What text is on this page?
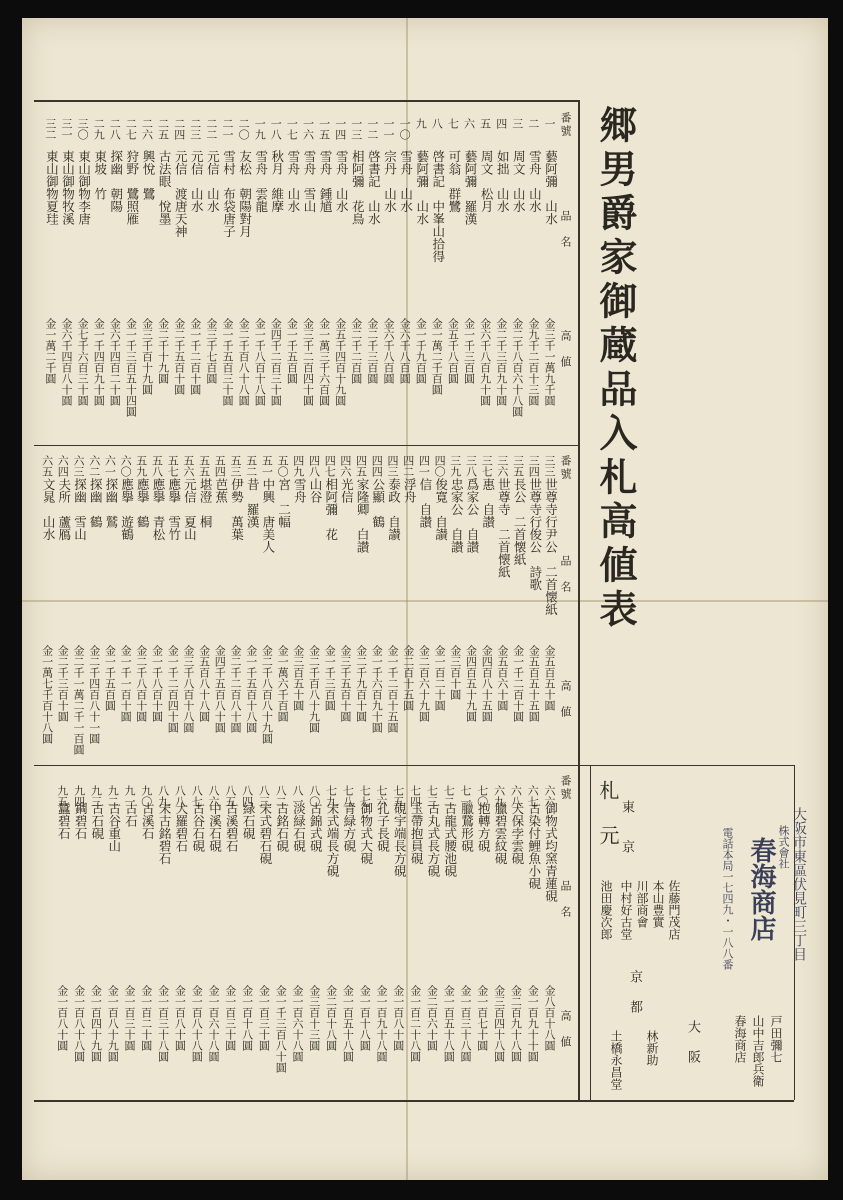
郷男爵家御蔵品入札高値表
番號
品　名
高　値
番號
品　名
高　値
番號
品　名
高　値
一
藝阿彌　山水
金三千一萬九千圓
二
雪舟　山水
金九千二百十三圓
三
周文　山水
金二千八百六十八圓
四
如拙　山水
金二千三百九十圓
五
周文　松月
金六千八百九十圓
六
藝阿彌　羅漢
金一千三百圓
七
可翁　群鷺
金五千八百圓
八
啓書記　中峯山拾得
金一萬二千百圓
九
藝阿彌　山水
金一千九百圓
一〇
雪舟　山水
金六千八百圓
一一
宗丹　山水
金六千八百圓
一二
啓書記　山水
金二千三百圓
一三
相阿彌　花鳥
金二千二百圓
一四
雪舟　山水
金五千四百十九圓
一五
雪舟　鍾馗
金一萬三千六百圓
一六
雪舟　雪山
金三千二百四十圓
一七
雪舟　山水
金一千五百圓
一八
秋月　維摩
金四千二百三十圓
一九
雪舟　雲龍
金一千八百十八圓
二〇
友松　朝陽對月
金二千百八十八圓
二一
雪村　布袋唐子
金一千五百三十圓
二二
元信　山水
金三千七百圓
二三
元信　山水
金一千二百十圓
二四
元信　渡唐天神
金二千五百十圓
二五
古法眼　悅墨
金二千十九圓
二六
興悅　鷺
金三千百十九圓
二七
狩野　鷺照雁
金一千三百五十四圓
二八
探幽　朝陽
金六千四百二十圓
二九
東坡　竹
金一千四百九十圓
三〇
東山御物李唐
金七千六百三十圓
三一
東山御物牧溪
金六千四百八十圓
三二
東山御物夏珪
金一萬二千圓
三三
世尊寺行尹公　二首懐紙
金五百五十圓
三四
世尊寺行俊公　詩歌
金五百五十五圓
三五
長公　二首懐紙
金一千二百十圓
三六
世尊寺　二首懐紙
金五百六十圓
三七
惠　自讃
金四百八十五圓
三八
爲家公　自讃
金四百五十九圓
三九
忠家公　自讃
金三百十圓
四〇
俊寛　自讃
金一百二十圓
四一
信　自讃
金二百六十九圓
四二
浮舟
金二百十五圓
四三
泰政　自讃
金一千二百十五圓
四四
公顯　鶴
金一千六百九十圓
四五
家隆卿　白讃
金二千九百十圓
四六
光信
金三千五百十圓
四七
相阿彌　花
金一千三百圓
四八
山谷
金二千百八十九圓
四九
雪舟
金三百五十圓
五〇
宮　二幅
金一萬六千百圓
五一
中興　唐美人
金二千八百八十九圓
五二
昔　羅漢
金一千五百十八圓
五三
伊勢　萬葉
金二千二百八十圓
五四
芭蕉
金四千五百八十圓
五五
堪澄　桐
金五百八十八圓
五六
元信　夏山
金三千八百十八圓
五七
應擧　雪竹
金一千二百四十圓
五八
應擧　青松
金一千八百十圓
五九
應擧　鶴
金二千八百十圓
六〇
應擧　遊鶴
金一千一百十圓
六一
探幽　鷲
金一千五百圓
六二
探幽　鶴
金二千四百八十一圓
六三
探幽　雪山
金二千一萬二千一百圓
六四
夫所　蘆鴈
金二千三百十圓
六五
文晁　山水
金一萬七千百十八圓
六六
御物式均窯青蓮硯
金八百十八圓
六七
古染付鯉魚小硯
金一百九十十圓
六八
天保孛雲硯
金二百九十八圓
六九
臘碧雲紋硯
金三百四十八圓
七〇
抱轉方硯
金一百七十圓
七一
臘鵞形硯
金一百三十八圓
七二
古龍式腰池硯
金一百五十八圓
七三
古丸式長方硯
金二百六十圓
七四
玉帶抱員硯
金一百二十八圓
七五
硯宇端長方硯
金一百八十圓
七六
孔子長硯
金一百九十八圓
七七
御物式大硯
金一百十八圓
七八
青緑方硯
金一百五十八圓
七九
宋式端長方硯
金二百十八圓
八〇
古錦式硯
金三百十三圓
八一
淡緑石硯
金一百六十八圓
八二
古銘石硯
金一千三百八十圓
八三
宋式碧石硯
金一百三十圓
八四
緑石硯
金一百十八圓
八五
古溪碧石
金一百三十圓
八六
中溪石硯
金一百六十八圓
八七
古谷石硯
金一百八十八圓
八八
大羅碧石
金一百八十圓
八九
宋古銘碧石
金一百三十八圓
九〇
古溪石
金一百二十圓
九一
古石
金一百三十圓
九二
古谷重山
金一百八十九圓
九三
古石硯
金一百四十九圓
九四
鋼碧石
金一百八十八圓
九五
蠶碧石
金一百八十圓
札
元
東
京
中村好古堂 川部商會 本山豊實 佐藤門茂店
池田慶次郎
京
都
林新助
土橋永昌堂
大
阪	戸田彌七
山中吉郎兵衛
春海商店
大阪市東區伏見町三丁目
株式會社
春海商店
電話本局一七四九・一八八番
